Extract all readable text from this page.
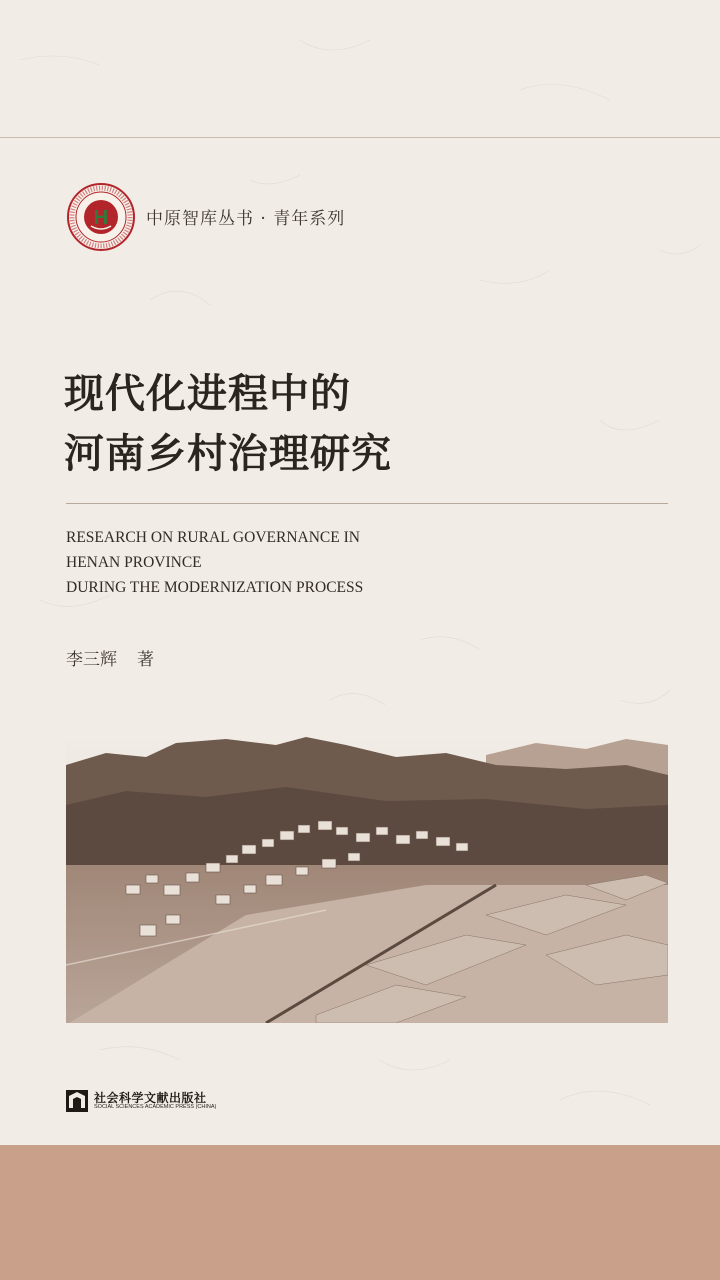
H 中原智库丛书 · 青年系列
现代化进程中的
河南乡村治理研究
RESEARCH ON RURAL GOVERNANCE IN
HENAN PROVINCE
DURING THE MODERNIZATION PROCESS
李三辉 著
社会科学文献出版社
SOCIAL SCIENCES ACADEMIC PRESS (CHINA)
